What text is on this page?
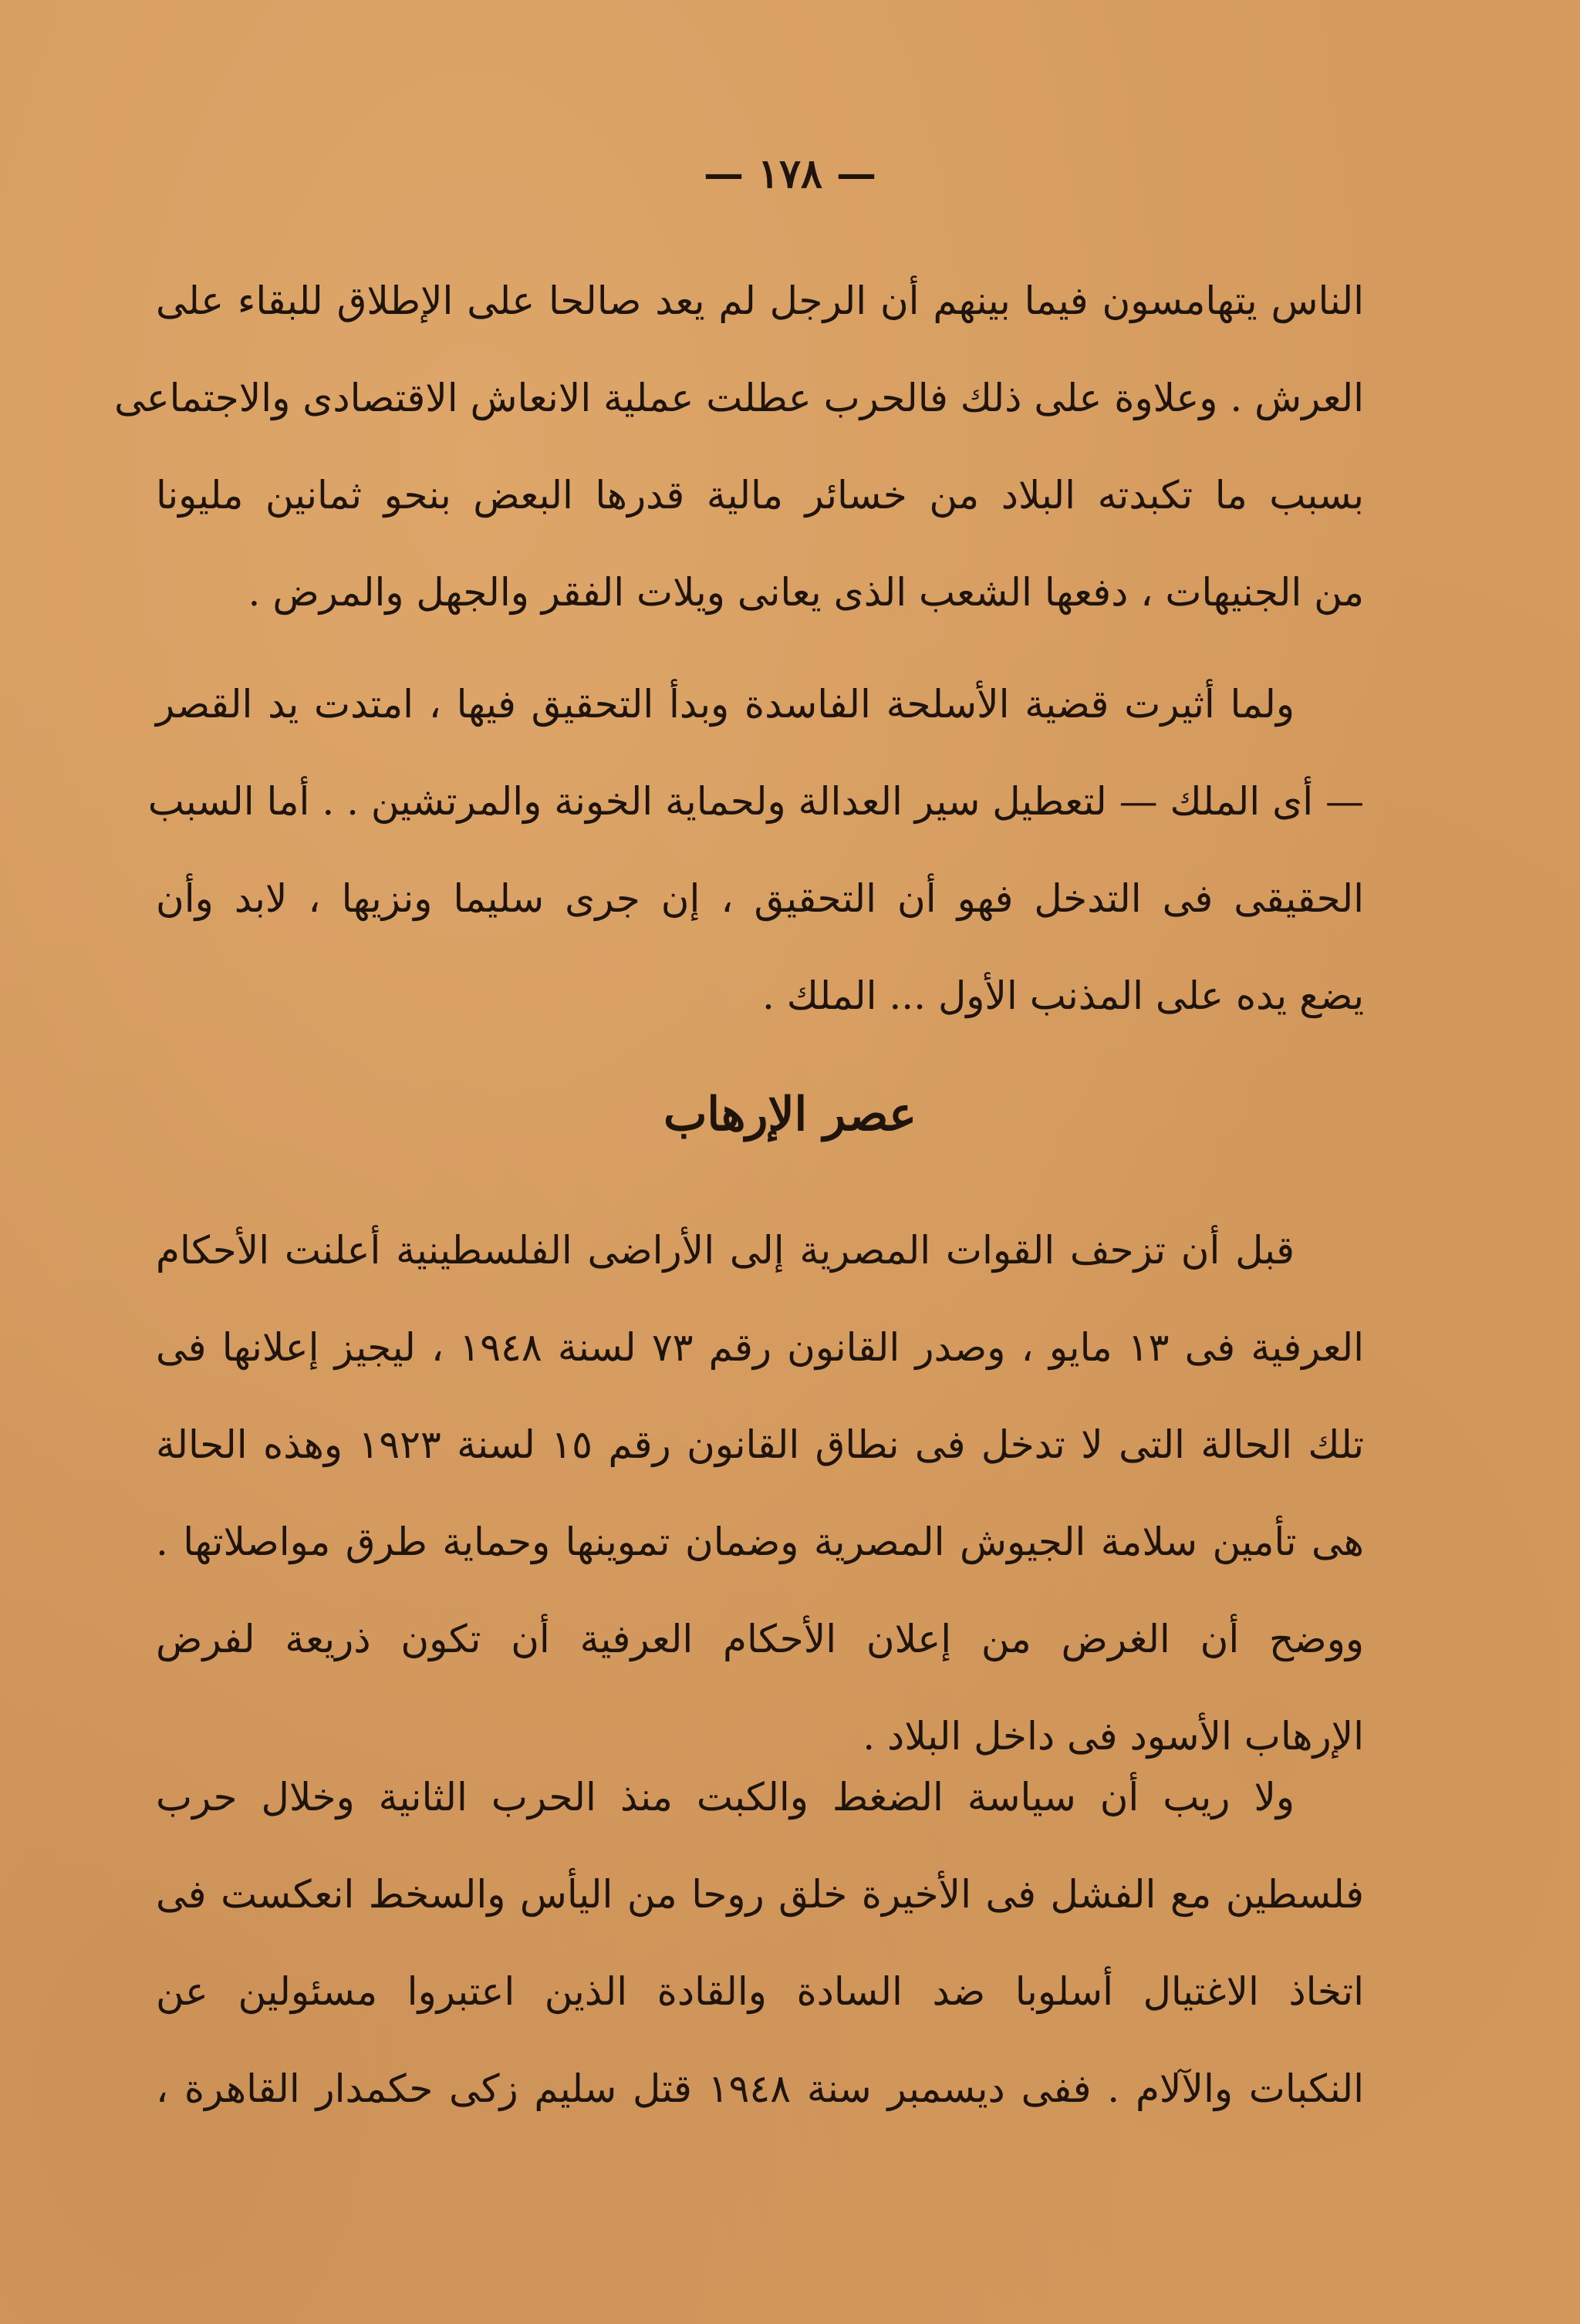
— ١٧٨ —
الناس يتهامسون فيما بينهم أن الرجل لم يعد صالحا على الإطلاق للبقاء على
العرش . وعلاوة على ذلك فالحرب عطلت عملية الانعاش الاقتصادى والاجتماعى
بسبب ما تكبدته البلاد من خسائر مالية قدرها البعض بنحو ثمانين مليونا
من الجنيهات ، دفعها الشعب الذى يعانى ويلات الفقر والجهل والمرض .
ولما أثيرت قضية الأسلحة الفاسدة وبدأ التحقيق فيها ، امتدت يد القصر
— أى الملك — لتعطيل سير العدالة ولحماية الخونة والمرتشين . . أما السبب
الحقيقى فى التدخل فهو أن التحقيق ، إن جرى سليما ونزيها ، لابد وأن
يضع يده على المذنب الأول ... الملك .
عصر الإرهاب
قبل أن تزحف القوات المصرية إلى الأراضى الفلسطينية أعلنت الأحكام
العرفية فى ١٣ مايو ، وصدر القانون رقم ٧٣ لسنة ١٩٤٨ ، ليجيز إعلانها فى
تلك الحالة التى لا تدخل فى نطاق القانون رقم ١٥ لسنة ١٩٢٣ وهذه الحالة
هى تأمين سلامة الجيوش المصرية وضمان تموينها وحماية طرق مواصلاتها .
ووضح أن الغرض من إعلان الأحكام العرفية أن تكون ذريعة لفرض
الإرهاب الأسود فى داخل البلاد .
ولا ريب أن سياسة الضغط والكبت منذ الحرب الثانية وخلال حرب
فلسطين مع الفشل فى الأخيرة خلق روحا من اليأس والسخط انعكست فى
اتخاذ الاغتيال أسلوبا ضد السادة والقادة الذين اعتبروا مسئولين عن
النكبات والآلام . ففى ديسمبر سنة ١٩٤٨ قتل سليم زكى حكمدار القاهرة ،
